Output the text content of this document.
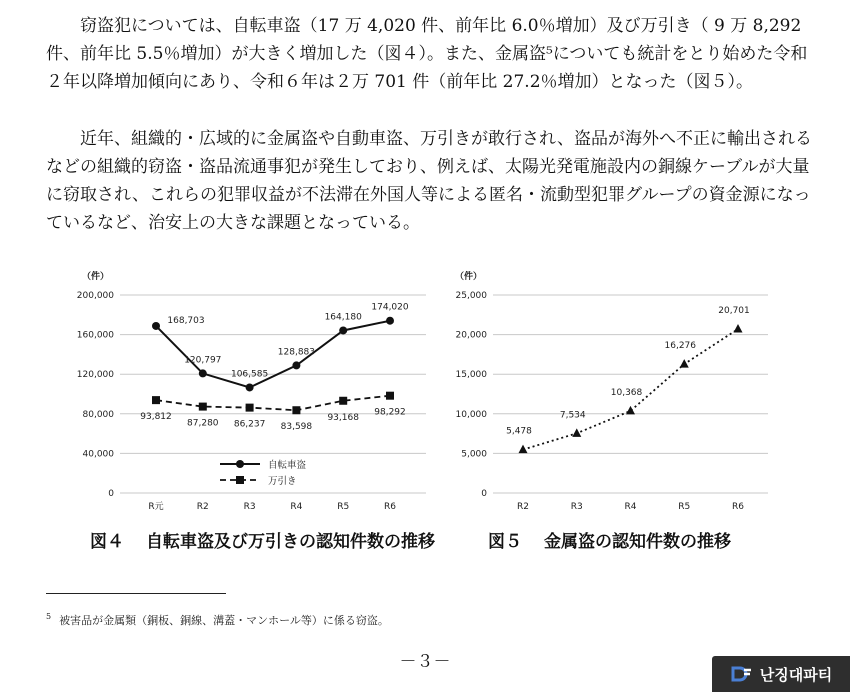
窃盗犯については、自転車盗（17 万 4,020 件、前年比 6.0％増加）及び万引き（ 9 万 8,292 件、前年比 5.5％増加）が大きく増加した（図４）。また、金属盗⁵についても統計をとり始めた令和２年以降増加傾向にあり、令和６年は２万 701 件（前年比 27.2％増加）となった（図５）。
近年、組織的・広域的に金属盗や自動車盗、万引きが敢行され、盗品が海外へ不正に輸出されるなどの組織的窃盗・盗品流通事犯が発生しており、例えば、太陽光発電施設内の銅線ケーブルが大量に窃取され、これらの犯罪収益が不法滞在外国人等による匿名・流動型犯罪グループの資金源になっているなど、治安上の大きな課題となっている。
（件）
0
40,000
80,000
120,000
160,000
200,000
R元	R2	R3	R4	R5	R6
168,703
120,797
106,585
128,883
164,180
174,020
93,812
87,280 86,237 83,598
93,168
98,292
自転車盗
万引き
（件）
0
5,000
10,000
15,000
20,000
25,000
R2	R3	R4	R5	R6
5,478
7,534
10,368
16,276
20,701
図４ 自転車盗及び万引きの認知件数の推移	図５ 金属盗の認知件数の推移
$^5$ 被害品が金属類（銅板、銅線、溝蓋・マンホール等）に係る窃盗。
－３－
난징대파티
